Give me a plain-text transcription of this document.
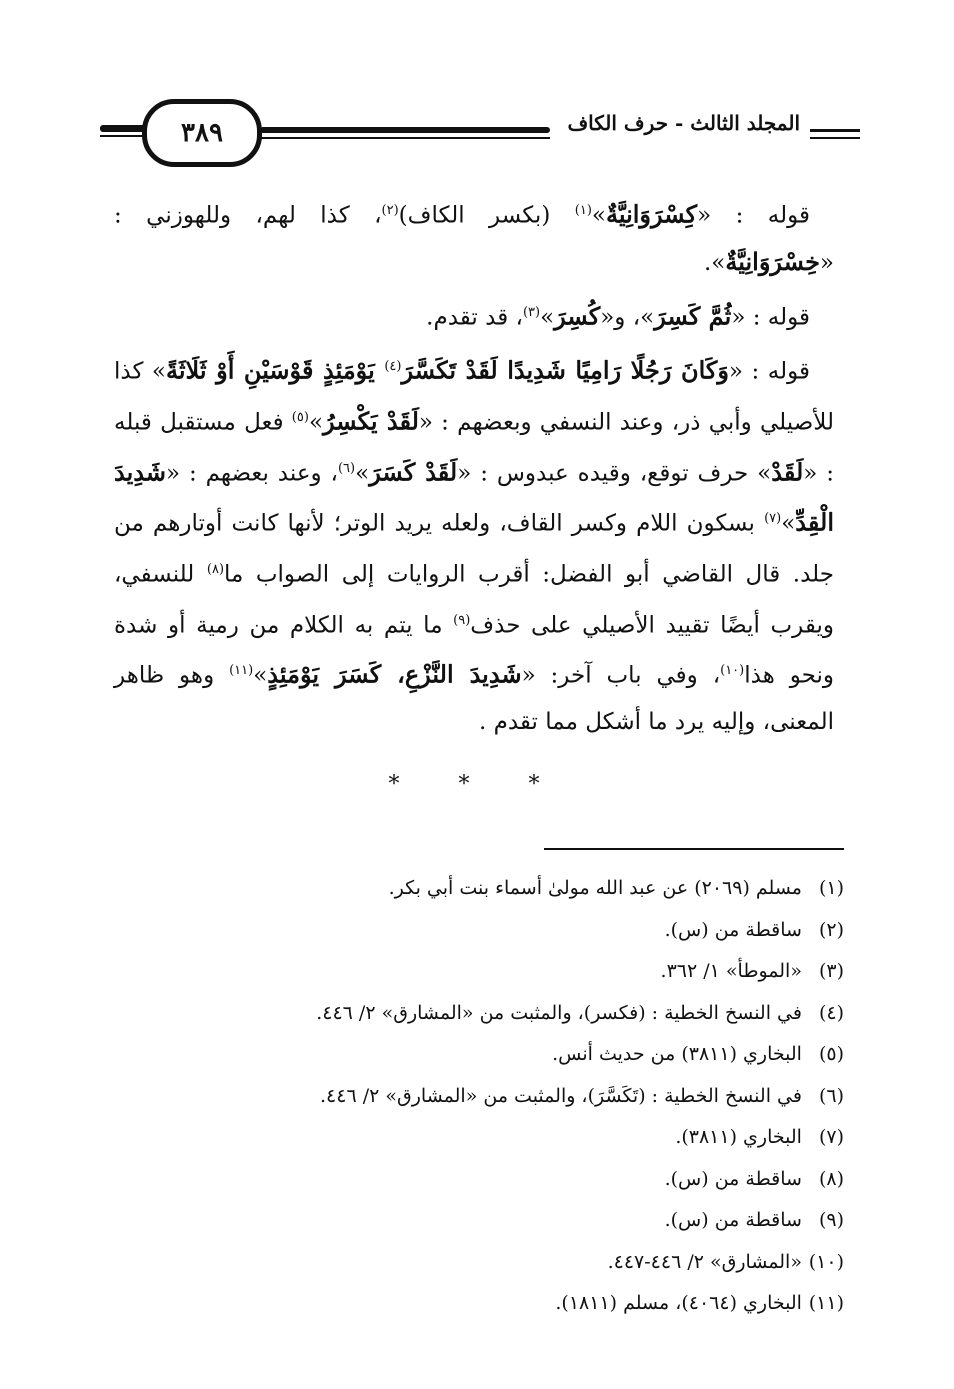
٣٨٩	المجلد الثالث - حرف الكاف

قوله : «كِسْرَوَانِيَّةٌ»$^{(١)}$ (بكسر الكاف)$^{(٢)}$، كذا لهم، وللهوزني : «خِسْرَوَانِيَّةٌ».

قوله : «ثُمَّ كَسِرَ»، و«كُسِرَ»$^{(٣)}$، قد تقدم.

قوله : «وَكَانَ رَجُلًا رَامِيًا شَدِيدًا لَقَدْ تَكَسَّرَ$^{(٤)}$ يَوْمَئِذٍ قَوْسَيْنِ أَوْ ثَلَاثَةً» كذا للأصيلي وأبي ذر، وعند النسفي وبعضهم : «لَقَدْ يَكْسِرُ»$^{(٥)}$ فعل مستقبل قبله : «لَقَدْ» حرف توقع، وقيده عبدوس : «لَقَدْ كَسَرَ»$^{(٦)}$، وعند بعضهم : «شَدِيدَ الْقِدِّ»$^{(٧)}$ بسكون اللام وكسر القاف، ولعله يريد الوتر؛ لأنها كانت أوتارهم من جلد. قال القاضي أبو الفضل: أقرب الروايات إلى الصواب ما$^{(٨)}$ للنسفي، ويقرب أيضًا تقييد الأصيلي على حذف$^{(٩)}$ ما يتم به الكلام من رمية أو شدة ونحو هذا$^{(١٠)}$، وفي باب آخر: «شَدِيدَ النَّزْعِ، كَسَرَ يَوْمَئِذٍ»$^{(١١)}$ وهو ظاهر المعنى، وإليه يرد ما أشكل مما تقدم .

* * *
(١) مسلم (٢٠٦٩) عن عبد الله مولىٰ أسماء بنت أبي بكر.
(٢) ساقطة من (س).
(٣) «الموطأ» ١/ ٣٦٢.
(٤) في النسخ الخطية : (فكسر)، والمثبت من «المشارق» ٢/ ٤٤٦.
(٥) البخاري (٣٨١١) من حديث أنس.
(٦) في النسخ الخطية : (تَكَسَّرَ)، والمثبت من «المشارق» ٢/ ٤٤٦.
(٧) البخاري (٣٨١١).
(٨) ساقطة من (س).
(٩) ساقطة من (س).
(١٠) «المشارق» ٢/ ٤٤٦-٤٤٧.
(١١) البخاري (٤٠٦٤)، مسلم (١٨١١).
